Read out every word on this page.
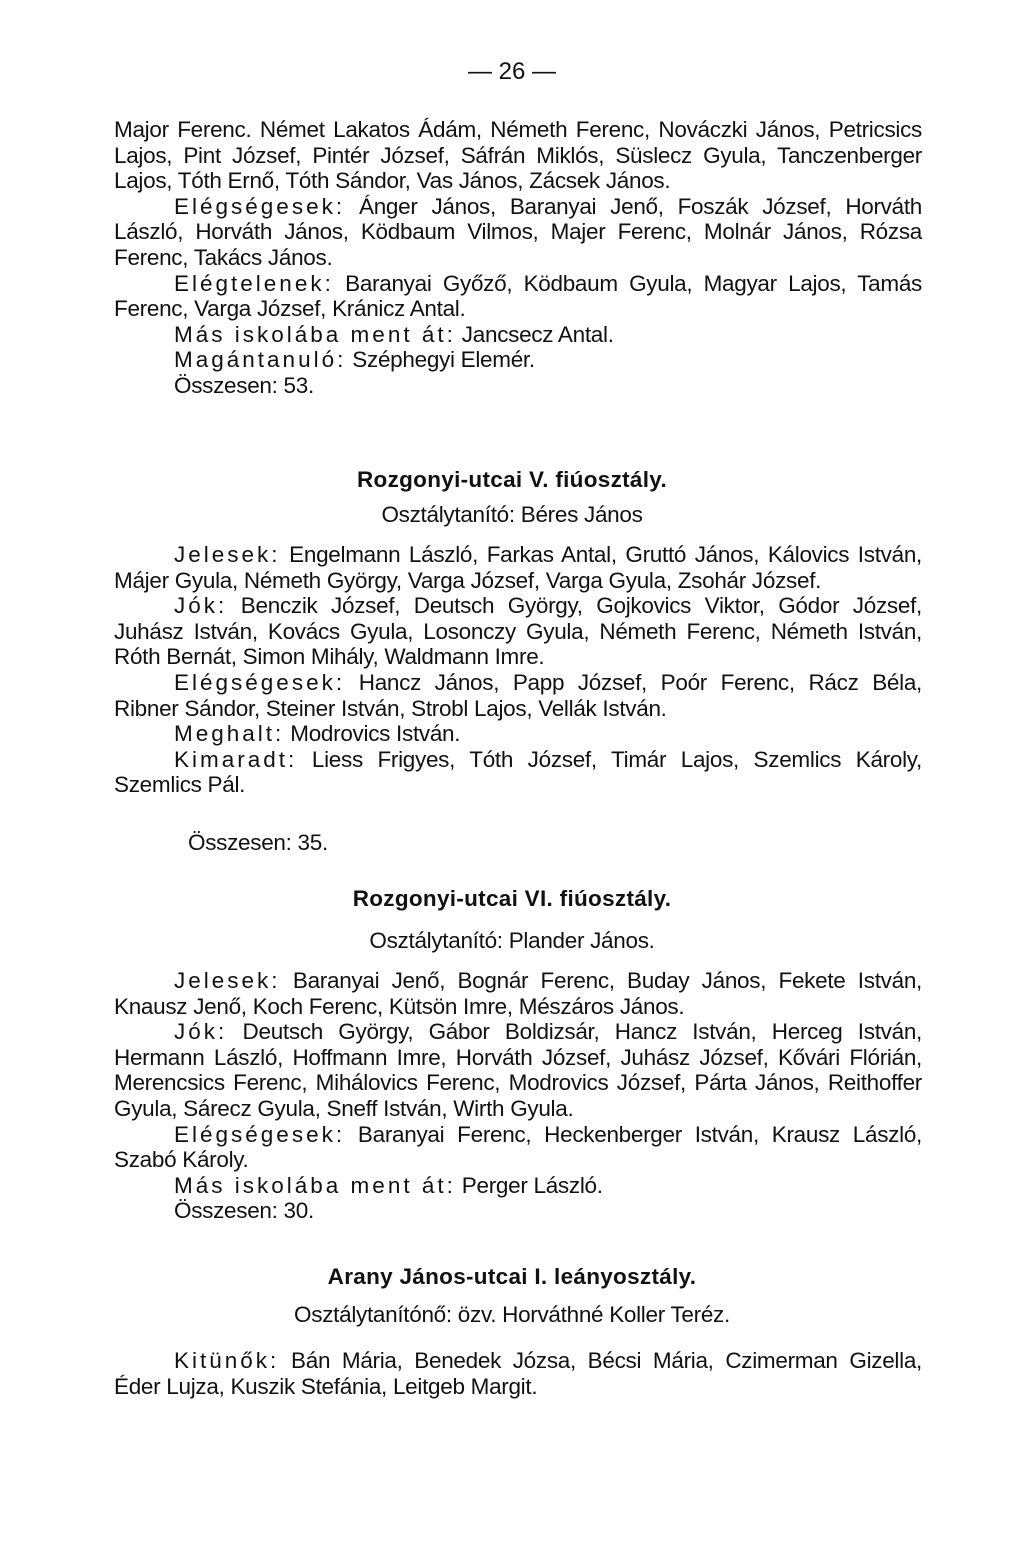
— 26 —

Major Ferenc. Német Lakatos Ádám, Németh Ferenc, Nováczki János, Petricsics Lajos, Pint József, Pintér József, Sáfrán Miklós, Süslecz Gyula, Tanczenberger Lajos, Tóth Ernő, Tóth Sándor, Vas János, Zácsek János.

Elégségesek: Ánger János, Baranyai Jenő, Foszák József, Horváth László, Horváth János, Ködbaum Vilmos, Majer Ferenc, Molnár János, Rózsa Ferenc, Takács János.

Elégtelenek: Baranyai Győző, Ködbaum Gyula, Magyar Lajos, Tamás Ferenc, Varga József, Kránicz Antal.

Más iskolába ment át: Jancsecz Antal.

Magántanuló: Széphegyi Elemér.

Összesen: 53.

Rozgonyi-utcai V. fiúosztály.
Osztálytanító: Béres János

Jelesek: Engelmann László, Farkas Antal, Gruttó János, Kálovics István, Májer Gyula, Németh György, Varga József, Varga Gyula, Zsohár József.

Jók: Benczik József, Deutsch György, Gojkovics Viktor, Gódor József, Juhász István, Kovács Gyula, Losonczy Gyula, Németh Ferenc, Németh István, Róth Bernát, Simon Mihály, Waldmann Imre.

Elégségesek: Hancz János, Papp József, Poór Ferenc, Rácz Béla, Ribner Sándor, Steiner István, Strobl Lajos, Vellák István.

Meghalt: Modrovics István.

Kimaradt: Liess Frigyes, Tóth József, Timár Lajos, Szemlics Károly, Szemlics Pál.

Összesen: 35.
Rozgonyi-utcai VI. fiúosztály.
Osztálytanító: Plander János.

Jelesek: Baranyai Jenő, Bognár Ferenc, Buday János, Fekete István, Knausz Jenő, Koch Ferenc, Kütsön Imre, Mészáros János.

Jók: Deutsch György, Gábor Boldizsár, Hancz István, Herceg István, Hermann László, Hoffmann Imre, Horváth József, Juhász József, Kővári Flórián, Merencsics Ferenc, Mihálovics Ferenc, Modrovics József, Párta János, Reithoffer Gyula, Sárecz Gyula, Sneff István, Wirth Gyula.

Elégségesek: Baranyai Ferenc, Heckenberger István, Krausz László, Szabó Károly.

Más iskolába ment át: Perger László.

Összesen: 30.

Arany János-utcai I. leányosztály.
Osztálytanítónő: özv. Horváthné Koller Teréz.

Kitünők: Bán Mária, Benedek Józsa, Bécsi Mária, Czimerman Gizella, Éder Lujza, Kuszik Stefánia, Leitgeb Margit.
